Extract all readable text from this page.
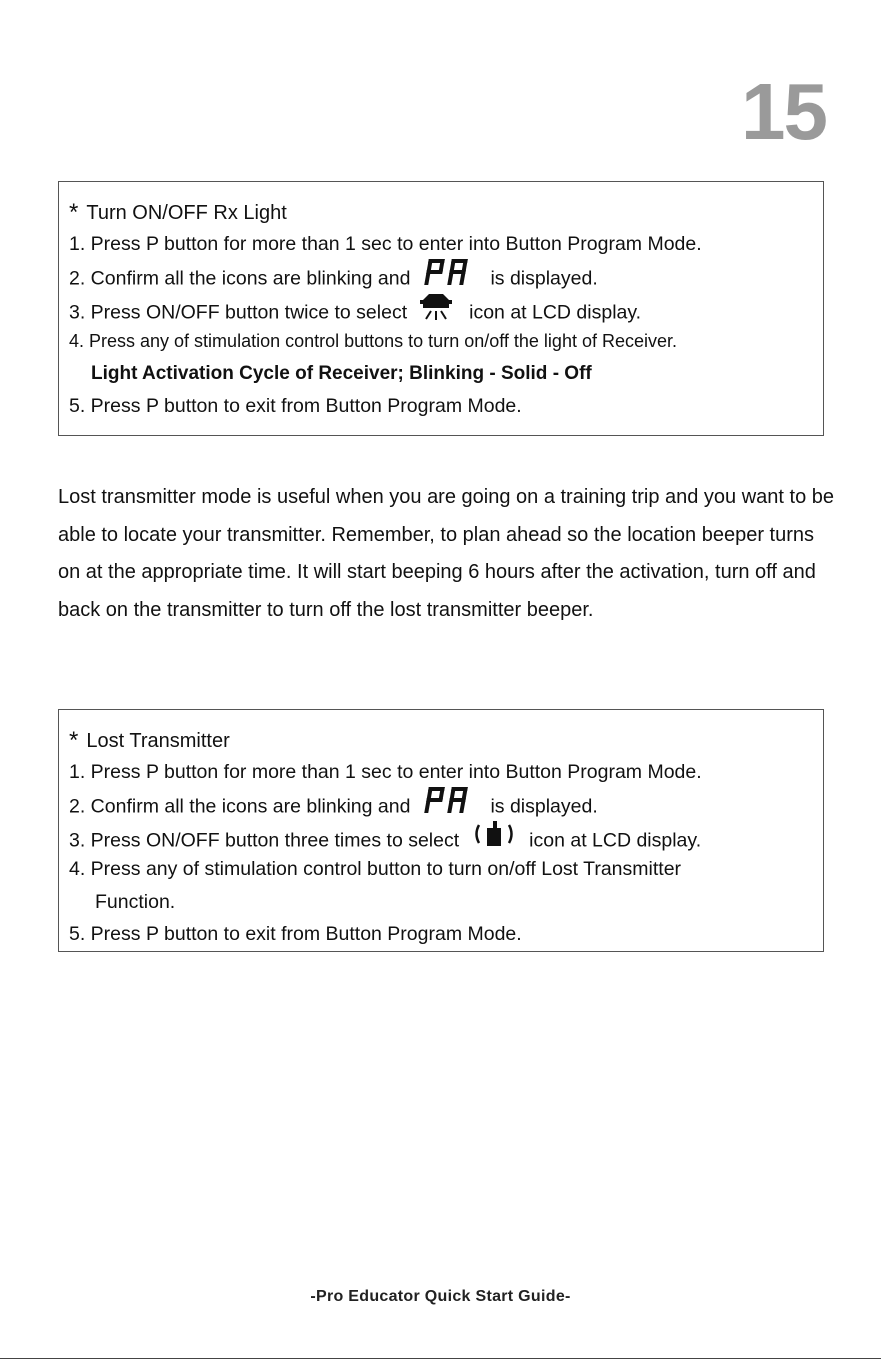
15
* Turn ON/OFF Rx Light
1. Press P button for more than 1 sec to enter into Button Program Mode.
2. Confirm all the icons are blinking and	is displayed.
3. Press ON/OFF button twice to select	icon at LCD display.
4. Press any of stimulation control buttons to turn on/off the light of Receiver.
Light Activation Cycle of Receiver; Blinking - Solid - Off
5. Press P button to exit from Button Program Mode.

Lost transmitter mode is useful when you are going on a training trip and you want to be able to locate your transmitter. Remember, to plan ahead so the location beeper turns on at the appropriate time. It will start beeping 6 hours after the activation, turn off and back on the transmitter to turn off the lost transmitter beeper.

* Lost Transmitter
1. Press P button for more than 1 sec to enter into Button Program Mode.
2. Confirm all the icons are blinking and	is displayed.
3. Press ON/OFF button three times to select	icon at LCD display.
4. Press any of stimulation control button to turn on/off Lost Transmitter
Function.
5. Press P button to exit from Button Program Mode.
-Pro Educator Quick Start Guide-
